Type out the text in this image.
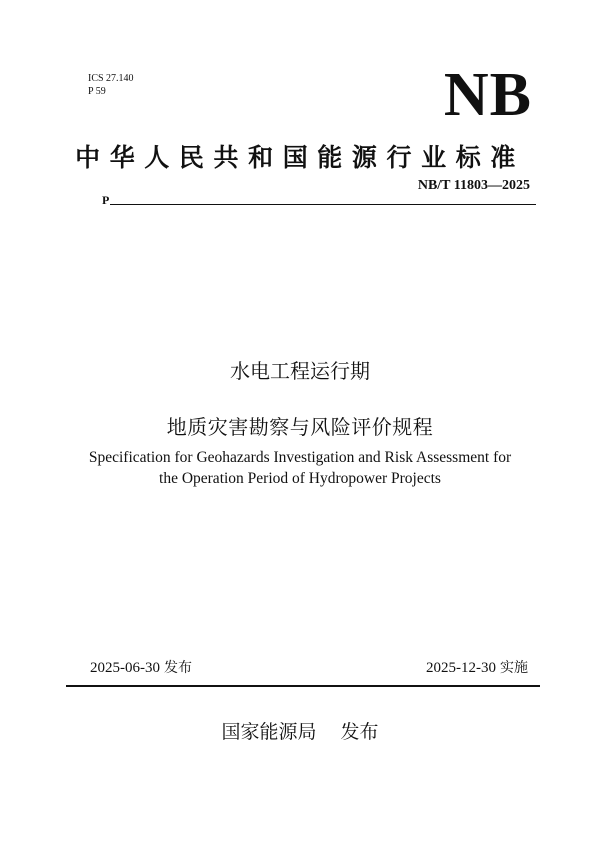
ICS 27.140
P 59	NB
中华人民共和国能源行业标准
NB/T 11803—2025
P
水电工程运行期
地质灾害勘察与风险评价规程
Specification for Geohazards Investigation and Risk Assessment for
the Operation Period of Hydropower Projects
2025-06-30 发布	2025-12-30 实施
国家能源局 发布
